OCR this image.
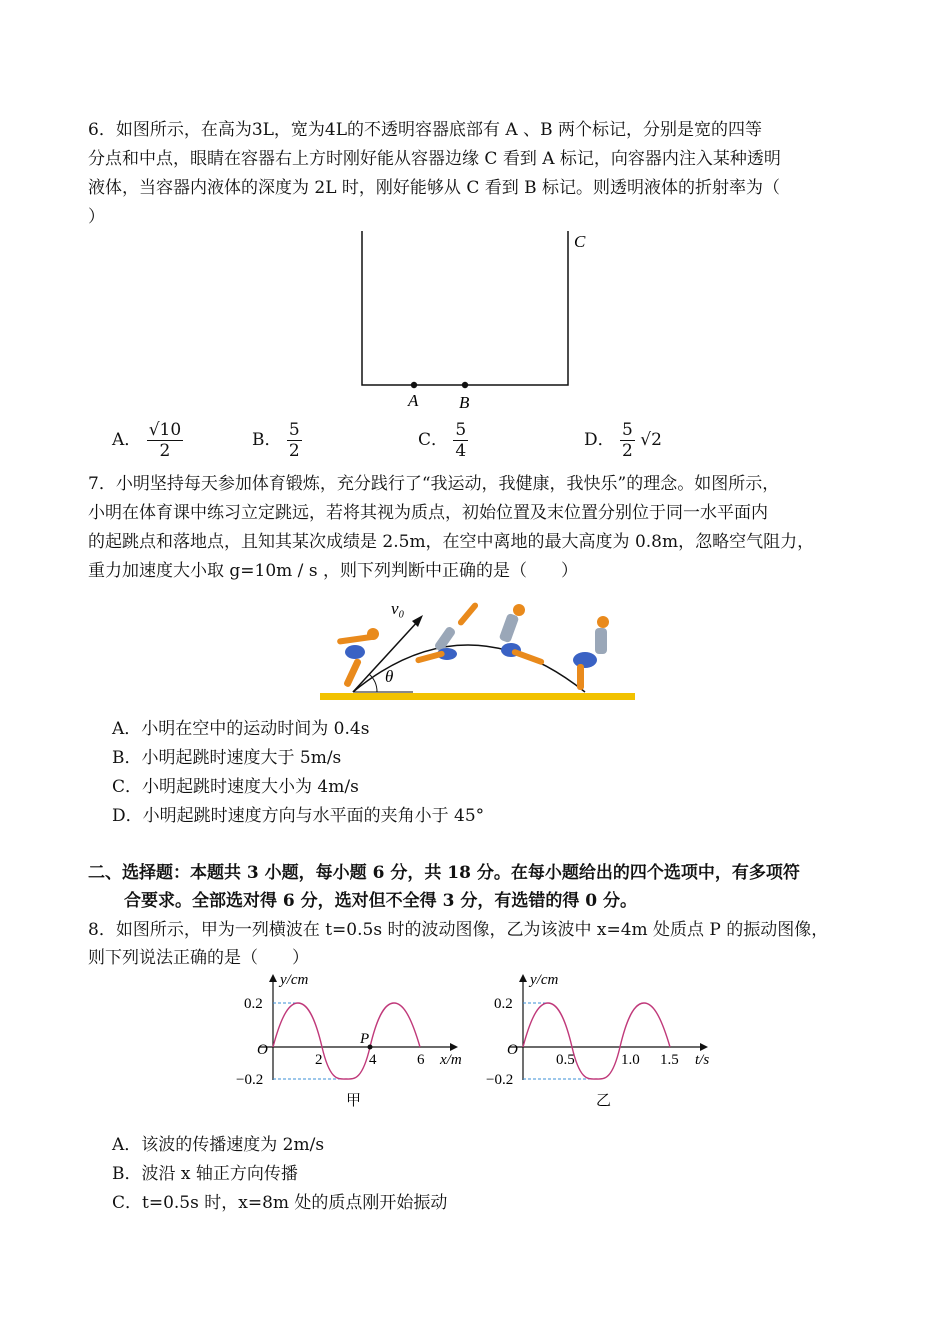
6．如图所示，在高为3L，宽为4L的不透明容器底部有 A 、B 两个标记，分别是宽的四等
分点和中点，眼睛在容器右上方时刚好能从容器边缘 C 看到 A 标记，向容器内注入某种透明
液体，当容器内液体的深度为 2L 时，刚好能够从 C 看到 B 标记。则透明液体的折射率为（
）
C
A B
A． $\frac{√10}{2}$	B． $\frac{5}{2}$	C． $\frac{5}{4}$	D． $\frac{5}{2} √2$
7．小明坚持每天参加体育锻炼，充分践行了“我运动，我健康，我快乐”的理念。如图所示，
小明在体育课中练习立定跳远，若将其视为质点，初始位置及末位置分别位于同一水平面内
的起跳点和落地点，且知其某次成绩是 2.5m，在空中离地的最大高度为 0.8m，忽略空气阻力，
重力加速度大小取 g=10m / s ，则下列判断中正确的是（　　）
v₀
θ
A．小明在空中的运动时间为 0.4s
B．小明起跳时速度大于 5m/s
C．小明起跳时速度大小为 4m/s
D．小明起跳时速度方向与水平面的夹角小于 45°
二、选择题：本题共 3 小题，每小题 6 分，共 18 分。在每小题给出的四个选项中，有多项符
合要求。全部选对得 6 分，选对但不全得 3 分，有选错的得 0 分。
8．如图所示，甲为一列横波在 t=0.5s 时的波动图像，乙为该波中 x=4m 处质点 P 的振动图像，
则下列说法正确的是（　　）
y/cm
x/m
O
0.2
−0.2
2	4	6
P
甲
y/cm
t/s
O
0.2
−0.2
0.5	1.0 1.5
乙
A．该波的传播速度为 2m/s
B．波沿 x 轴正方向传播
C．t=0.5s 时，x=8m 处的质点刚开始振动
